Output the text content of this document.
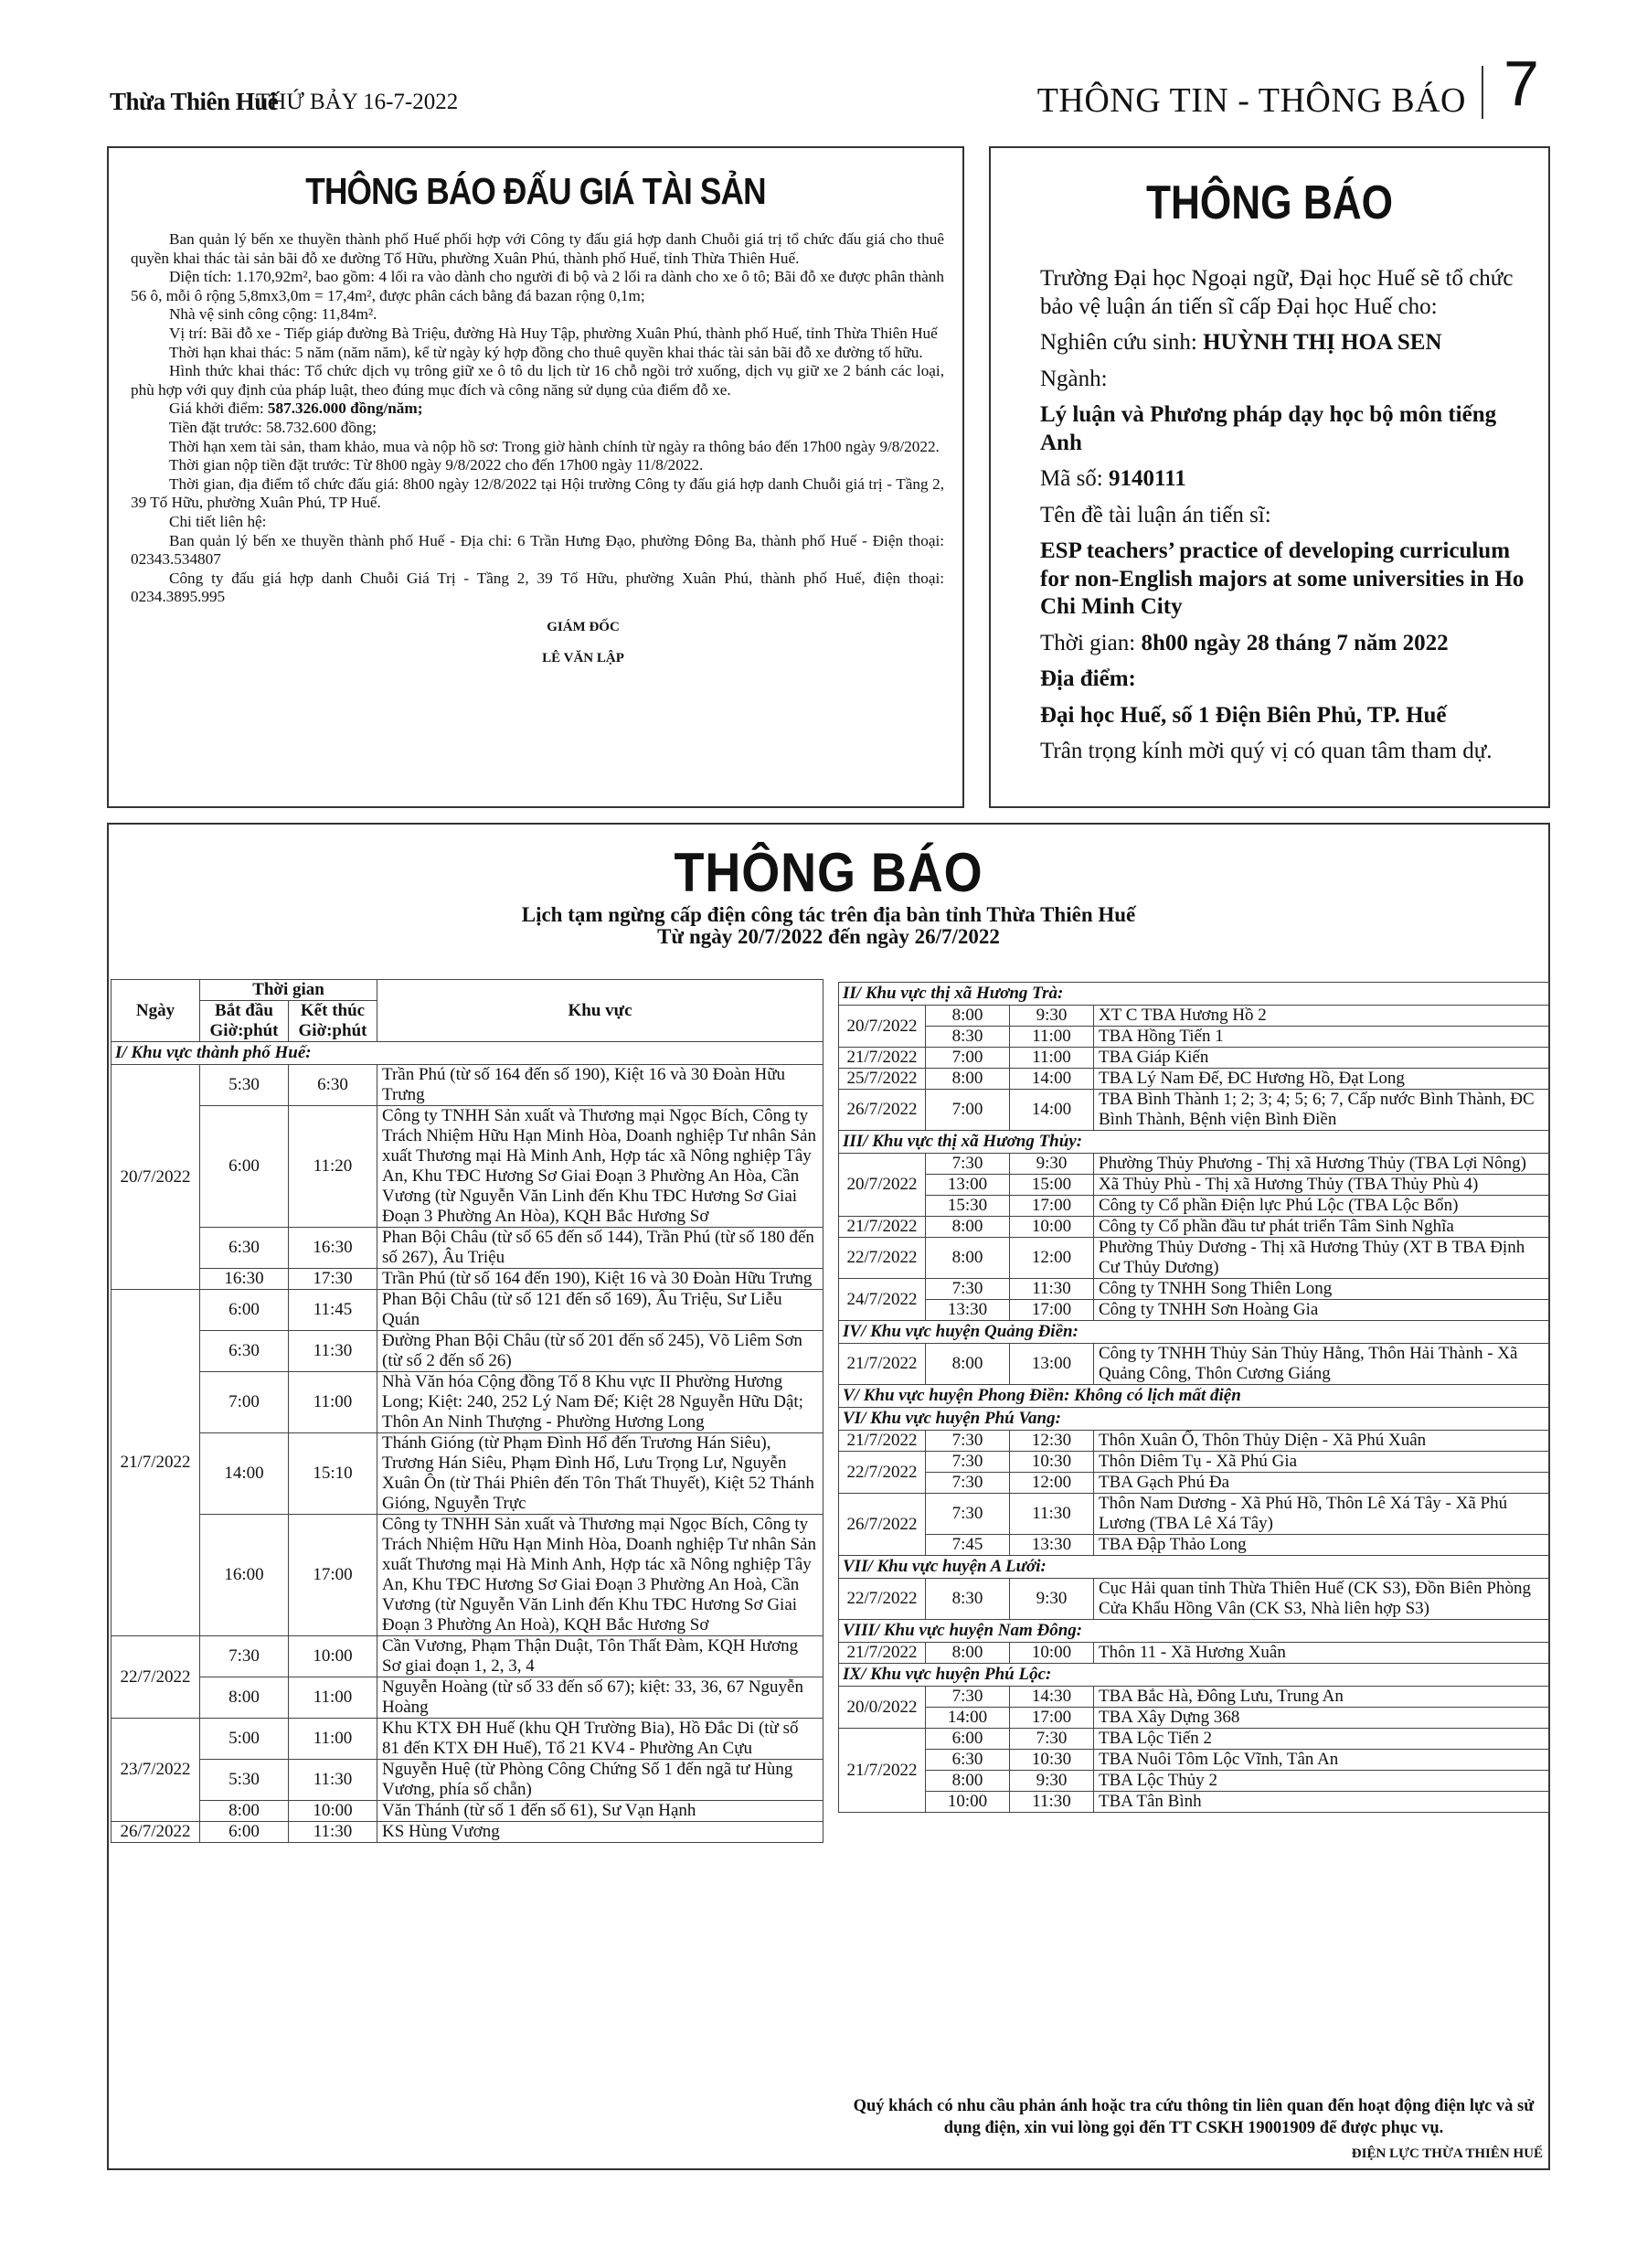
Thừa Thiên Huế
THỨ BẢY 16-7-2022	THÔNG TIN - THÔNG BÁO 7
THÔNG BÁO ĐẤU GIÁ TÀI SẢN

Ban quản lý bến xe thuyền thành phố Huế phối hợp với Công ty đấu giá hợp danh Chuỗi giá trị tổ chức đấu giá cho thuê quyền khai thác tài sản bãi đỗ xe đường Tố Hữu, phường Xuân Phú, thành phố Huế, tỉnh Thừa Thiên Huế.

Diện tích: 1.170,92m², bao gồm: 4 lối ra vào dành cho người đi bộ và 2 lối ra dành cho xe ô tô; Bãi đỗ xe được phân thành 56 ô, mỗi ô rộng 5,8mx3,0m = 17,4m², được phân cách bằng đá bazan rộng 0,1m;

Nhà vệ sinh công cộng: 11,84m².

Vị trí: Bãi đỗ xe - Tiếp giáp đường Bà Triệu, đường Hà Huy Tập, phường Xuân Phú, thành phố Huế, tỉnh Thừa Thiên Huế

Thời hạn khai thác: 5 năm (năm năm), kể từ ngày ký hợp đồng cho thuê quyền khai thác tài sản bãi đỗ xe đường tố hữu.

Hình thức khai thác: Tổ chức dịch vụ trông giữ xe ô tô du lịch từ 16 chỗ ngồi trở xuống, dịch vụ giữ xe 2 bánh các loại, phù hợp với quy định của pháp luật, theo đúng mục đích và công năng sử dụng của điểm đỗ xe.

Giá khởi điểm: 587.326.000 đồng/năm;

Tiền đặt trước: 58.732.600 đồng;

Thời hạn xem tài sản, tham khảo, mua và nộp hồ sơ: Trong giờ hành chính từ ngày ra thông báo đến 17h00 ngày 9/8/2022.

Thời gian nộp tiền đặt trước: Từ 8h00 ngày 9/8/2022 cho đến 17h00 ngày 11/8/2022.

Thời gian, địa điểm tổ chức đấu giá: 8h00 ngày 12/8/2022 tại Hội trường Công ty đấu giá hợp danh Chuỗi giá trị - Tầng 2, 39 Tố Hữu, phường Xuân Phú, TP Huế.

Chi tiết liên hệ:

Ban quản lý bến xe thuyền thành phố Huế - Địa chỉ: 6 Trần Hưng Đạo, phường Đông Ba, thành phố Huế - Điện thoại: 02343.534807

Công ty đấu giá hợp danh Chuỗi Giá Trị - Tầng 2, 39 Tố Hữu, phường Xuân Phú, thành phố Huế, điện thoại: 0234.3895.995

GIÁM ĐỐC
LÊ VĂN LẬP
THÔNG BÁO
Trường Đại học Ngoại ngữ, Đại học Huế sẽ tổ chức bảo vệ luận án tiến sĩ cấp Đại học Huế cho:
Nghiên cứu sinh: HUỲNH THỊ HOA SEN
Ngành:
Lý luận và Phương pháp dạy học bộ môn tiếng Anh
Mã số: 9140111
Tên đề tài luận án tiến sĩ:
ESP teachers’ practice of developing curriculum for non-English majors at some universities in Ho Chi Minh City
Thời gian: 8h00 ngày 28 tháng 7 năm 2022
Địa điểm:
Đại học Huế, số 1 Điện Biên Phủ, TP. Huế
Trân trọng kính mời quý vị có quan tâm tham dự.
THÔNG BÁO
Lịch tạm ngừng cấp điện công tác trên địa bàn tỉnh Thừa Thiên Huế
Từ ngày 20/7/2022 đến ngày 26/7/2022
Ngày	Thời gian		Khu vực
	Bắt đầu Giờ:phút	Kết thúc Giờ:phút	
I/ Khu vực thành phố Huế:			
20/7/2022	5:30	6:30	Trần Phú (từ số 164 đến số 190), Kiệt 16 và 30 Đoàn Hữu Trưng
	6:00	11:20	Công ty TNHH Sản xuất và Thương mại Ngọc Bích, Công ty Trách Nhiệm Hữu Hạn Minh Hòa, Doanh nghiệp Tư nhân Sản xuất Thương mại Hà Minh Anh, Hợp tác xã Nông nghiệp Tây An, Khu TĐC Hương Sơ Giai Đoạn 3 Phường An Hòa, Cần Vương (từ Nguyễn Văn Linh đến Khu TĐC Hương Sơ Giai Đoạn 3 Phường An Hòa), KQH Bắc Hương Sơ
	6:30	16:30	Phan Bội Châu (từ số 65 đến số 144), Trần Phú (từ số 180 đến số 267), Âu Triệu
	16:30	17:30	Trần Phú (từ số 164 đến 190), Kiệt 16 và 30 Đoàn Hữu Trưng
21/7/2022	6:00	11:45	Phan Bội Châu (từ số 121 đến số 169), Âu Triệu, Sư Liễu Quán
	6:30	11:30	Đường Phan Bội Châu (từ số 201 đến số 245), Võ Liêm Sơn (từ số 2 đến số 26)
	7:00	11:00	Nhà Văn hóa Cộng đồng Tổ 8 Khu vực II Phường Hương Long; Kiệt: 240, 252 Lý Nam Đế; Kiệt 28 Nguyễn Hữu Dật; Thôn An Ninh Thượng - Phường Hương Long
	14:00	15:10	Thánh Gióng (từ Phạm Đình Hổ đến Trương Hán Siêu), Trương Hán Siêu, Phạm Đình Hổ, Lưu Trọng Lư, Nguyễn Xuân Ôn (từ Thái Phiên đến Tôn Thất Thuyết), Kiệt 52 Thánh Gióng, Nguyễn Trực
	16:00	17:00	Công ty TNHH Sản xuất và Thương mại Ngọc Bích, Công ty Trách Nhiệm Hữu Hạn Minh Hòa, Doanh nghiệp Tư nhân Sản xuất Thương mại Hà Minh Anh, Hợp tác xã Nông nghiệp Tây An, Khu TĐC Hương Sơ Giai Đoạn 3 Phường An Hoà, Cần Vương (từ Nguyễn Văn Linh đến Khu TĐC Hương Sơ Giai Đoạn 3 Phường An Hoà), KQH Bắc Hương Sơ
22/7/2022	7:30	10:00	Cần Vương, Phạm Thận Duật, Tôn Thất Đàm, KQH Hương Sơ giai đoạn 1, 2, 3, 4
	8:00	11:00	Nguyễn Hoàng (từ số 33 đến số 67); kiệt: 33, 36, 67 Nguyễn Hoàng
23/7/2022	5:00	11:00	Khu KTX ĐH Huế (khu QH Trường Bia), Hồ Đắc Di (từ số 81 đến KTX ĐH Huế), Tổ 21 KV4 - Phường An Cựu
	5:30	11:30	Nguyễn Huệ (từ Phòng Công Chứng Số 1 đến ngã tư Hùng Vương, phía số chẵn)
	8:00	10:00	Văn Thánh (từ số 1 đến số 61), Sư Vạn Hạnh
26/7/2022	6:00	11:30	KS Hùng Vương
II/ Khu vực thị xã Hương Trà:			
20/7/2022	8:00	9:30	XT C TBA Hương Hồ 2
	8:30	11:00	TBA Hồng Tiến 1
21/7/2022	7:00	11:00	TBA Giáp Kiến
25/7/2022	8:00	14:00	TBA Lý Nam Đế, ĐC Hương Hồ, Đạt Long
26/7/2022	7:00	14:00	TBA Bình Thành 1; 2; 3; 4; 5; 6; 7, Cấp nước Bình Thành, ĐC Bình Thành, Bệnh viện Bình Điền
III/ Khu vực thị xã Hương Thủy:			
20/7/2022	7:30	9:30	Phường Thủy Phương - Thị xã Hương Thủy (TBA Lợi Nông)
	13:00	15:00	Xã Thủy Phù - Thị xã Hương Thủy (TBA Thủy Phù 4)
	15:30	17:00	Công ty Cổ phần Điện lực Phú Lộc (TBA Lộc Bổn)
21/7/2022	8:00	10:00	Công ty Cổ phần đầu tư phát triển Tâm Sinh Nghĩa
22/7/2022	8:00	12:00	Phường Thủy Dương - Thị xã Hương Thủy (XT B TBA Định Cư Thủy Dương)
24/7/2022	7:30	11:30	Công ty TNHH Song Thiên Long
	13:30	17:00	Công ty TNHH Sơn Hoàng Gia
IV/ Khu vực huyện Quảng Điền:			
21/7/2022	8:00	13:00	Công ty TNHH Thủy Sản Thủy Hằng, Thôn Hải Thành - Xã Quảng Công, Thôn Cương Giáng
V/ Khu vực huyện Phong Điền: Không có lịch mất điện			
VI/ Khu vực huyện Phú Vang:			
21/7/2022	7:30	12:30	Thôn Xuân Ổ, Thôn Thủy Diện - Xã Phú Xuân
22/7/2022	7:30	10:30	Thôn Diêm Tụ - Xã Phú Gia
	7:30	12:00	TBA Gạch Phú Đa
26/7/2022	7:30	11:30	Thôn Nam Dương - Xã Phú Hồ, Thôn Lê Xá Tây - Xã Phú Lương (TBA Lê Xá Tây)
	7:45	13:30	TBA Đập Thảo Long
VII/ Khu vực huyện A Lưới:			
22/7/2022	8:30	9:30	Cục Hải quan tỉnh Thừa Thiên Huế (CK S3), Đồn Biên Phòng Cửa Khẩu Hồng Vân (CK S3, Nhà liên hợp S3)
VIII/ Khu vực huyện Nam Đông:			
21/7/2022	8:00	10:00	Thôn 11 - Xã Hương Xuân
IX/ Khu vực huyện Phú Lộc:			
20/0/2022	7:30	14:30	TBA Bắc Hà, Đông Lưu, Trung An
	14:00	17:00	TBA Xây Dựng 368
21/7/2022	6:00	7:30	TBA Lộc Tiến 2
	6:30	10:30	TBA Nuôi Tôm Lộc Vĩnh, Tân An
	8:00	9:30	TBA Lộc Thủy 2
	10:00	11:30	TBA Tân Bình
Quý khách có nhu cầu phản ánh hoặc tra cứu thông tin liên quan đến hoạt động điện lực và sử dụng điện, xin vui lòng gọi đến TT CSKH 19001909 để được phục vụ.
ĐIỆN LỰC THỪA THIÊN HUẾ
